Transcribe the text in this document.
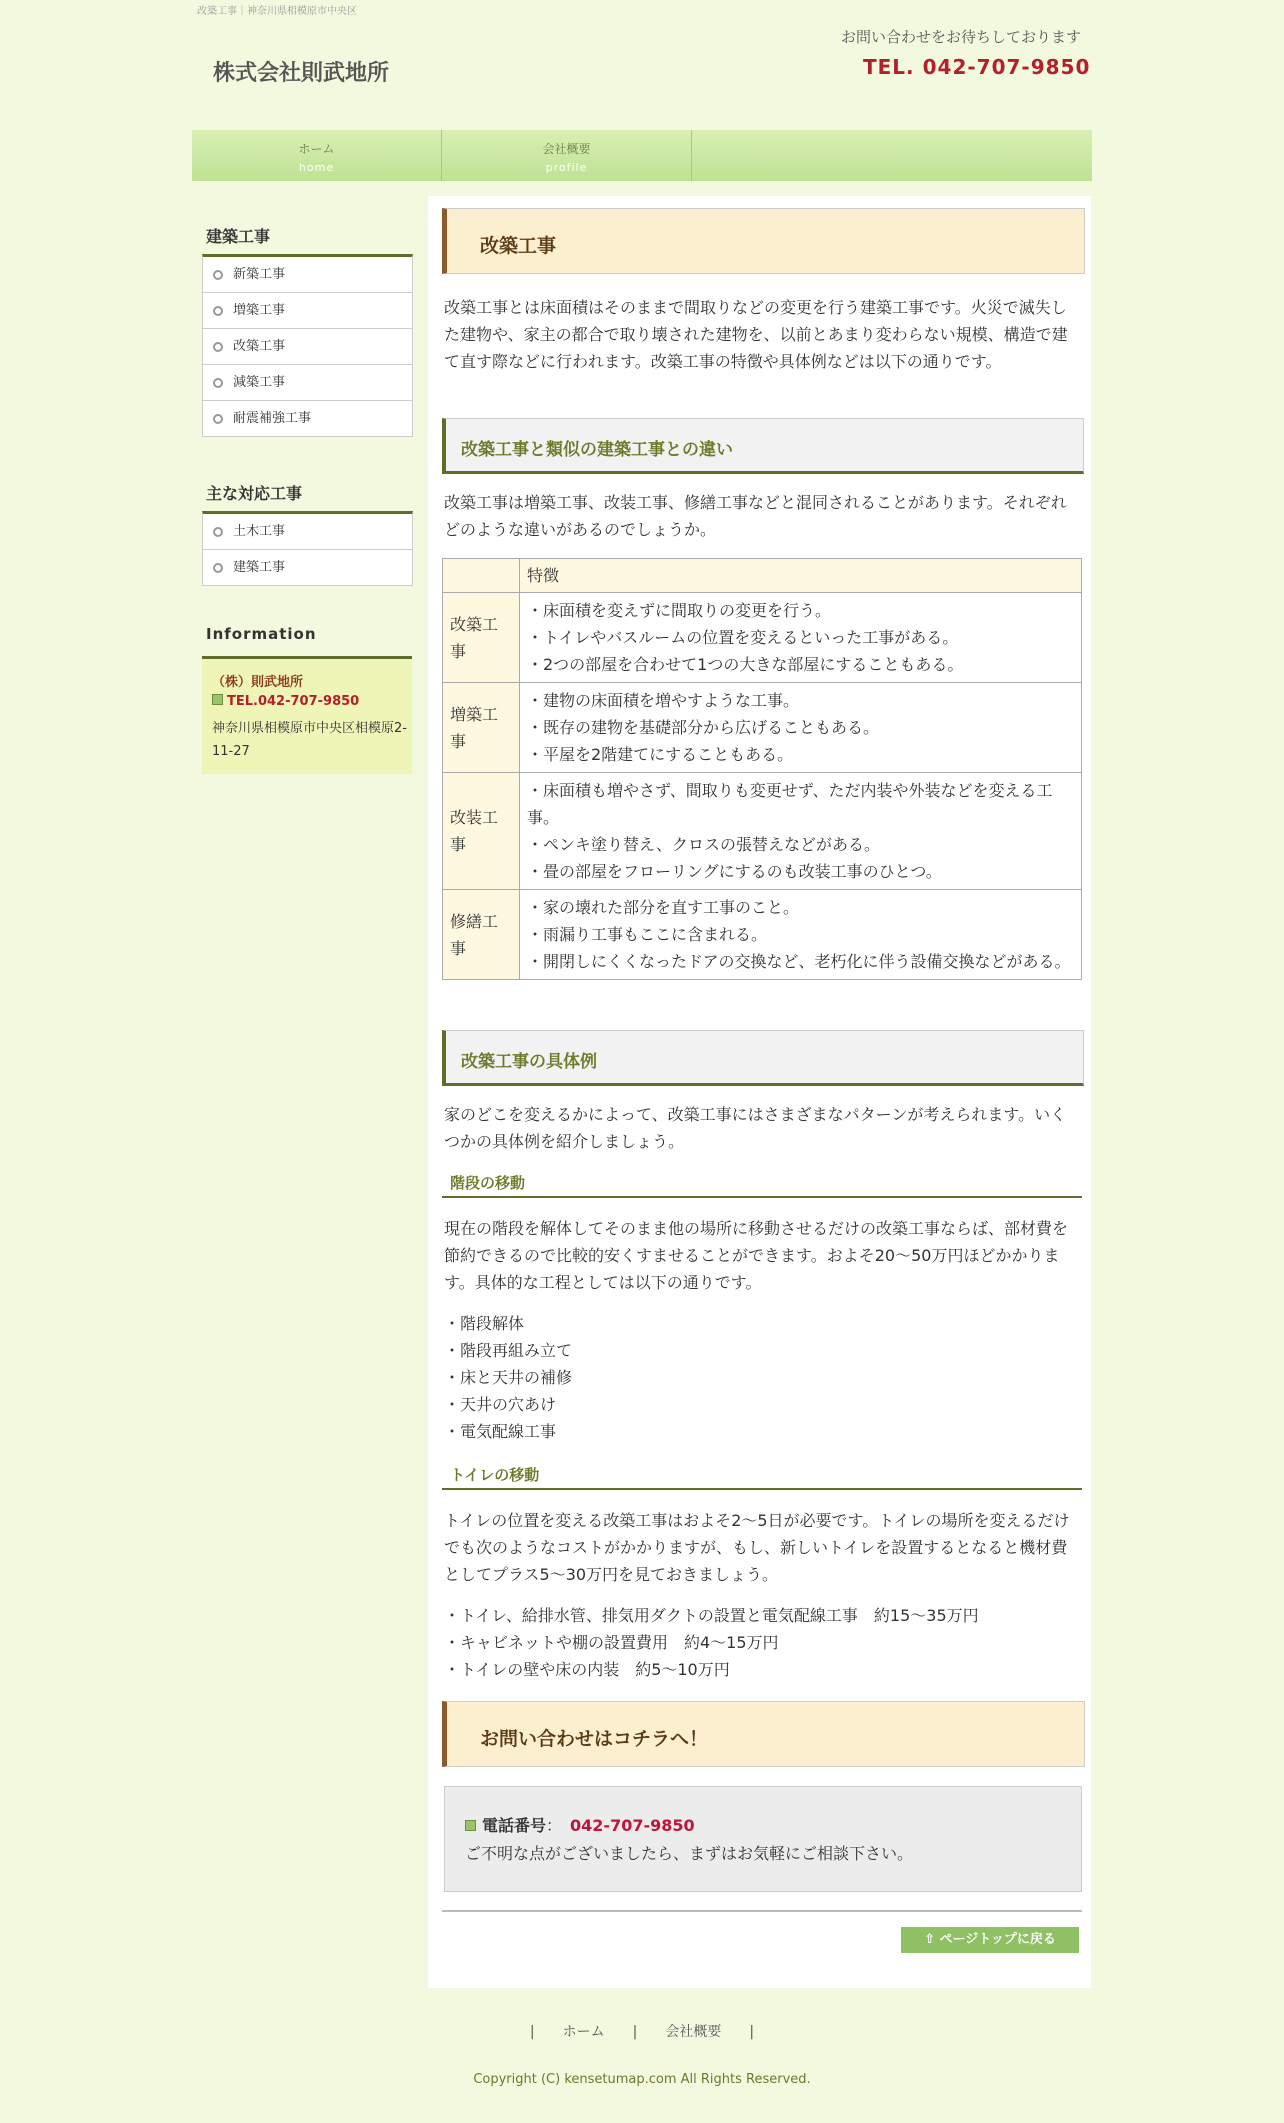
改築工事｜神奈川県相模原市中央区
株式会社則武地所
お問い合わせをお待ちしております
TEL. 042-707-9850
ホーム
home
会社概要
profile
建築工事
新築工事
増築工事
改築工事
減築工事
耐震補強工事
主な対応工事
土木工事
建築工事
Information
（株）則武地所
TEL.042-707-9850
神奈川県相模原市中央区相模原2-11-27
改築工事
改築工事とは床面積はそのままで間取りなどの変更を行う建築工事です。火災で滅失した建物や、家主の都合で取り壊された建物を、以前とあまり変わらない規模、構造で建て直す際などに行われます。改築工事の特徴や具体例などは以下の通りです。
改築工事と類似の建築工事との違い
改築工事は増築工事、改装工事、修繕工事などと混同されることがあります。それぞれどのような違いがあるのでしょうか。
	特徴
改築工事	・床面積を変えずに間取りの変更を行う。
・トイレやバスルームの位置を変えるといった工事がある。
・2つの部屋を合わせて1つの大きな部屋にすることもある。

増築工事	・建物の床面積を増やすような工事。
・既存の建物を基礎部分から広げることもある。
・平屋を2階建てにすることもある。

改装工事	・床面積も増やさず、間取りも変更せず、ただ内装や外装などを変える工事。
・ペンキ塗り替え、クロスの張替えなどがある。
・畳の部屋をフローリングにするのも改装工事のひとつ。

修繕工事	・家の壊れた部分を直す工事のこと。
・雨漏り工事もここに含まれる。
・開閉しにくくなったドアの交換など、老朽化に伴う設備交換などがある。
改築工事の具体例
家のどこを変えるかによって、改築工事にはさまざまなパターンが考えられます。いくつかの具体例を紹介しましょう。
階段の移動
現在の階段を解体してそのまま他の場所に移動させるだけの改築工事ならば、部材費を節約できるので比較的安くすませることができます。およそ20～50万円ほどかかります。具体的な工程としては以下の通りです。
・階段解体
・階段再組み立て
・床と天井の補修
・天井の穴あけ
・電気配線工事
トイレの移動
トイレの位置を変える改築工事はおよそ2～5日が必要です。トイレの場所を変えるだけでも次のようなコストがかかりますが、もし、新しいトイレを設置するとなると機材費としてプラス5～30万円を見ておきましょう。
・トイレ、給排水管、排気用ダクトの設置と電気配線工事　約15～35万円
・キャビネットや棚の設置費用　約4～15万円
・トイレの壁や床の内装　約5～10万円
お問い合わせはコチラへ！
電話番号： 042-707-9850
ご不明な点がございましたら、まずはお気軽にご相談下さい。
⇧ ページトップに戻る
| ホーム | 会社概要 |
Copyright (C) kensetumap.com All Rights Reserved.
